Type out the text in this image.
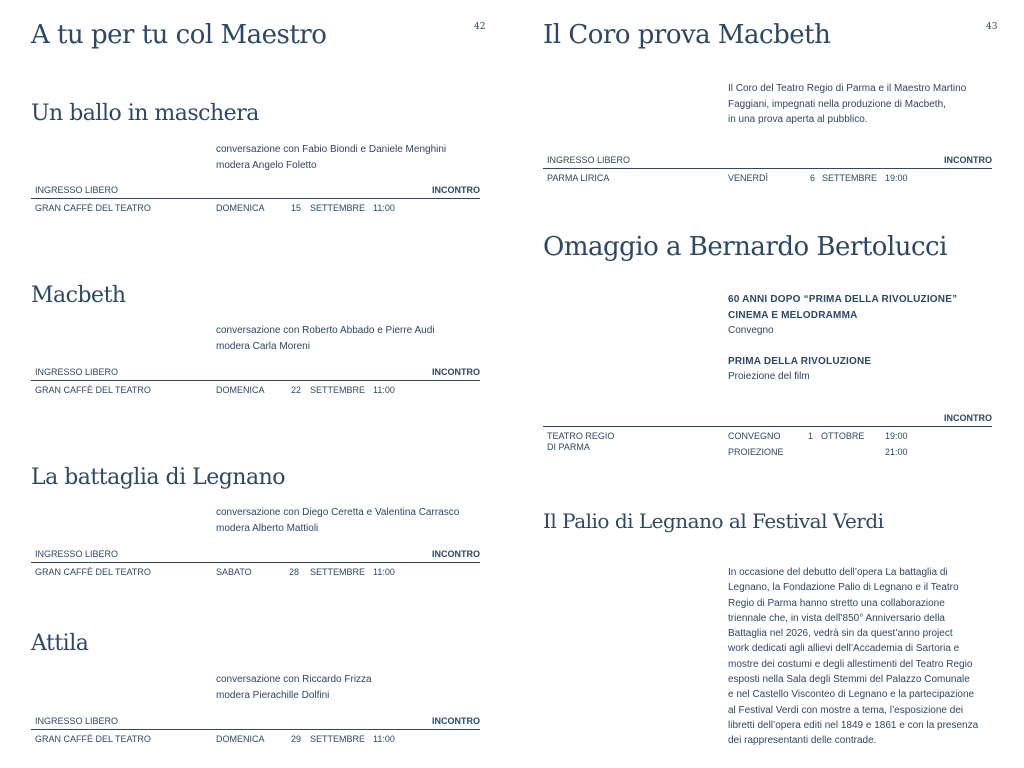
42
A tu per tu col Maestro
Un ballo in maschera
conversazione con Fabio Biondi e Daniele Menghini
modera Angelo Foletto
INGRESSO LIBERO	INCONTRO
GRAN CAFFÈ DEL TEATRO	DOMENICA	15 SETTEMBRE 11:00
Macbeth
conversazione con Roberto Abbado e Pierre Audi
modera Carla Moreni
INGRESSO LIBERO	INCONTRO
GRAN CAFFÈ DEL TEATRO	DOMENICA	22 SETTEMBRE 11:00
La battaglia di Legnano
conversazione con Diego Ceretta e Valentina Carrasco
modera Alberto Mattioli
INGRESSO LIBERO	INCONTRO
GRAN CAFFÈ DEL TEATRO	SABATO	28 SETTEMBRE 11:00
Attila
conversazione con Riccardo Frizza
modera Pierachille Dolfini
INGRESSO LIBERO	INCONTRO
GRAN CAFFÈ DEL TEATRO	DOMENICA	29 SETTEMBRE 11:00
43
Il Coro prova Macbeth
Il Coro del Teatro Regio di Parma e il Maestro Martino
Faggiani, impegnati nella produzione di Macbeth,
in una prova aperta al pubblico.
INGRESSO LIBERO	INCONTRO
PARMA LIRICA	VENERDÌ	6 SETTEMBRE 19:00
Omaggio a Bernardo Bertolucci
60 ANNI DOPO “PRIMA DELLA RIVOLUZIONE”
CINEMA E MELODRAMMA
Convegno
PRIMA DELLA RIVOLUZIONE
Proiezione del film
INCONTRO
TEATRO REGIO
DI PARMA
CONVEGNO	1 OTTOBRE 19:00
PROIEZIONE	21:00
Il Palio di Legnano al Festival Verdi
In occasione del debutto dell’opera La battaglia di
Legnano, la Fondazione Palio di Legnano e il Teatro
Regio di Parma hanno stretto una collaborazione
triennale che, in vista dell’850° Anniversario della
Battaglia nel 2026, vedrà sin da quest’anno project
work dedicati agli allievi dell’Accademia di Sartoria e
mostre dei costumi e degli allestimenti del Teatro Regio
esposti nella Sala degli Stemmi del Palazzo Comunale
e nel Castello Visconteo di Legnano e la partecipazione
al Festival Verdi con mostre a tema, l’esposizione dei
libretti dell’opera editi nel 1849 e 1861 e con la presenza
dei rappresentanti delle contrade.
